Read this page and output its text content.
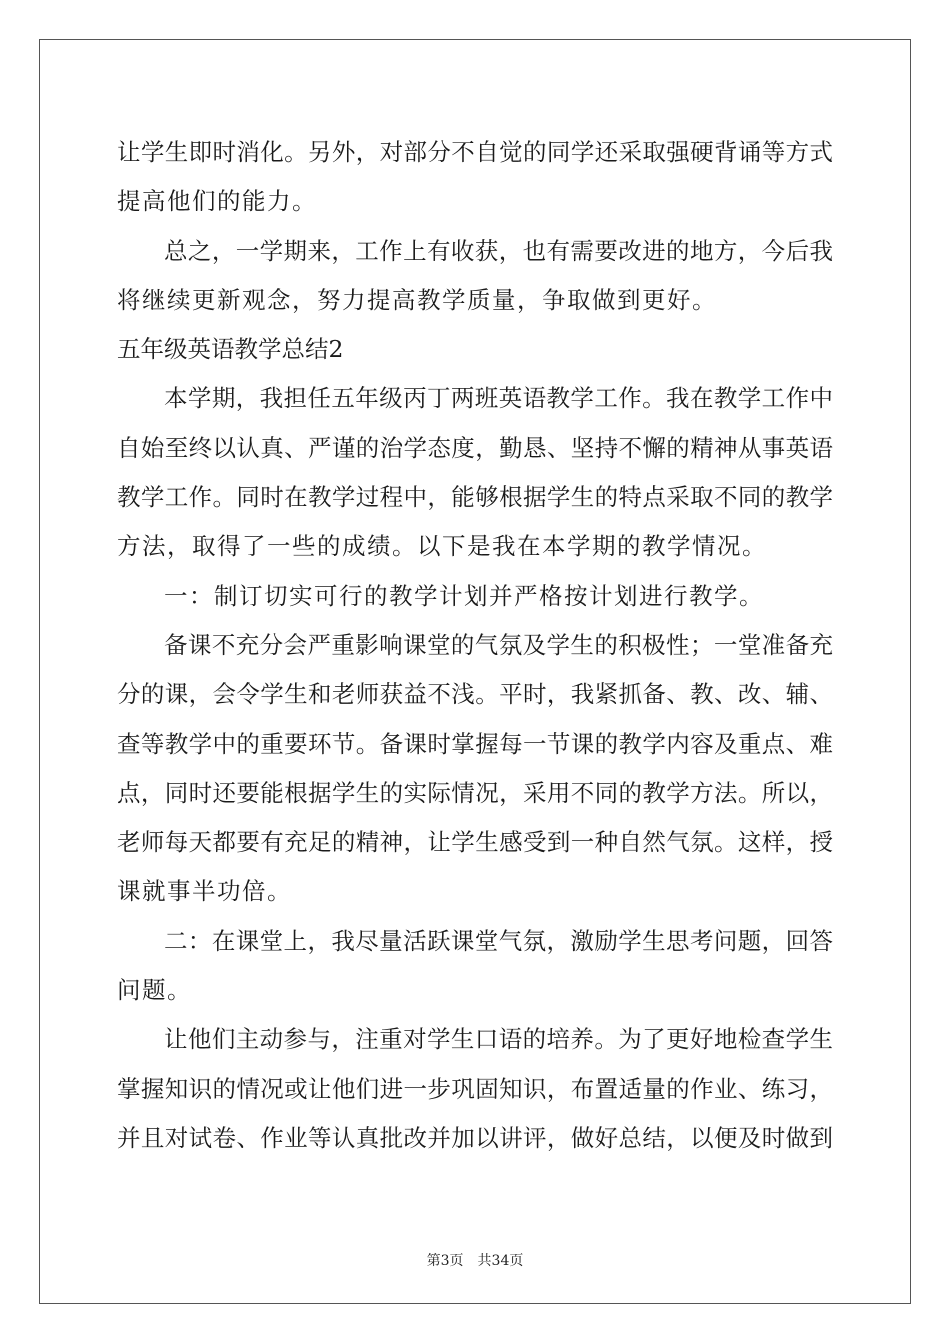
让学生即时消化。另外，对部分不自觉的同学还采取强硬背诵等方式
提高他们的能力。
总之，一学期来，工作上有收获，也有需要改进的地方，今后我
将继续更新观念，努力提高教学质量，争取做到更好。
五年级英语教学总结2
本学期，我担任五年级丙丁两班英语教学工作。我在教学工作中
自始至终以认真、严谨的治学态度，勤恳、坚持不懈的精神从事英语
教学工作。同时在教学过程中，能够根据学生的特点采取不同的教学
方法，取得了一些的成绩。以下是我在本学期的教学情况。
一：制订切实可行的教学计划并严格按计划进行教学。
备课不充分会严重影响课堂的气氛及学生的积极性；一堂准备充
分的课，会令学生和老师获益不浅。平时，我紧抓备、教、改、辅、
查等教学中的重要环节。备课时掌握每一节课的教学内容及重点、难
点，同时还要能根据学生的实际情况，采用不同的教学方法。所以，
老师每天都要有充足的精神，让学生感受到一种自然气氛。这样，授
课就事半功倍。
二：在课堂上，我尽量活跃课堂气氛，激励学生思考问题，回答
问题。
让他们主动参与，注重对学生口语的培养。为了更好地检查学生
掌握知识的情况或让他们进一步巩固知识，布置适量的作业、练习，
并且对试卷、作业等认真批改并加以讲评，做好总结，以便及时做到
第3页 共34页
